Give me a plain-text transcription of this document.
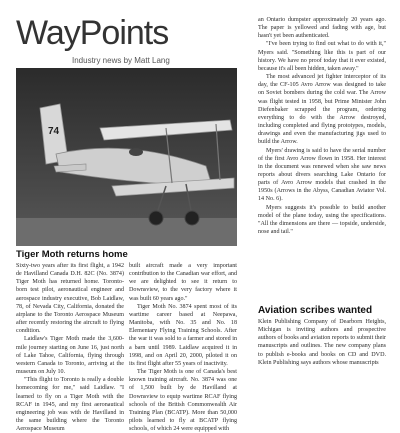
WayPoints
Industry news by Matt Lang
74
Tiger Moth returns home

Sixty-two years after its first flight, a 1942 de Havilland Canada D.H. 82C (No. 3874) Tiger Moth has returned home. Toronto-born test pilot, aeronautical engineer and aerospace industry executive, Bob Laidlaw, 78, of Nevada City, California, donated the airplane to the Toronto Aerospace Museum after recently restoring the aircraft to flying condition.

Laidlaw's Tiger Moth made the 3,600-mile journey starting on June 16, just north of Lake Tahoe, California, flying through western Canada to Toronto, arriving at the museum on July 10.

"This flight to Toronto is really a double homecoming for me," said Laidlaw. "I learned to fly on a Tiger Moth with the RCAF in 1945, and my first aeronautical engineering job was with de Havilland in the same building where the Toronto Aerospace Museum

built aircraft made a very important contribution to the Canadian war effort, and we are delighted to see it return to Downsview, to the very factory where it was built 60 years ago."

Tiger Moth No. 3874 spent most of its wartime career based at Neepawa, Manitoba, with No. 35 and No. 18 Elementary Flying Training Schools. After the war it was sold to a farmer and stored in a barn until 1989. Laidlaw acquired it in 1998, and on April 20, 2000, piloted it on its first flight after 55 years of inactivity.

The Tiger Moth is one of Canada's best known training aircraft. No. 3874 was one of 1,500 built by de Havilland at Downsview to equip wartime RCAF flying schools of the British Commonwealth Air Training Plan (BCATP). More than 50,000 pilots learned to fly at BCATP flying schools, of which 24 were equipped with

an Ontario dumpster approximately 20 years ago. The paper is yellowed and fading with age, but hasn't yet been authenticated.

"I've been trying to find out what to do with it," Myers said. "Something like this is part of our history. We have no proof today that it ever existed, because it's all been hidden, taken away."

The most advanced jet fighter interceptor of its day, the CF-105 Avro Arrow was designed to take on Soviet bombers during the cold war. The Arrow was flight tested in 1958, but Prime Minister John Diefenbaker scrapped the program, ordering everything to do with the Arrow destroyed, including completed and flying prototypes, models, drawings and even the manufacturing jigs used to build the Arrow.

Myers' drawing is said to have the serial number of the first Avro Arrow flown in 1958. Her interest in the document was renewed when she saw news reports about divers searching Lake Ontario for parts of Avro Arrow models that crashed in the 1950s (Arrows in the Abyss, Canadian Aviator Vol. 14 No. 6).

Myers suggests it's possible to build another model of the plane today, using the specifications. "All the dimensions are there — topside, underside, nose and tail."

Aviation scribes wanted

Klein Publishing Company of Dearborn Heights, Michigan is inviting authors and prospective authors of books and aviation reports to submit their manuscripts and outlines. The new company plans to publish e-books and books on CD and DVD. Klein Publishing says authors whose manuscripts
